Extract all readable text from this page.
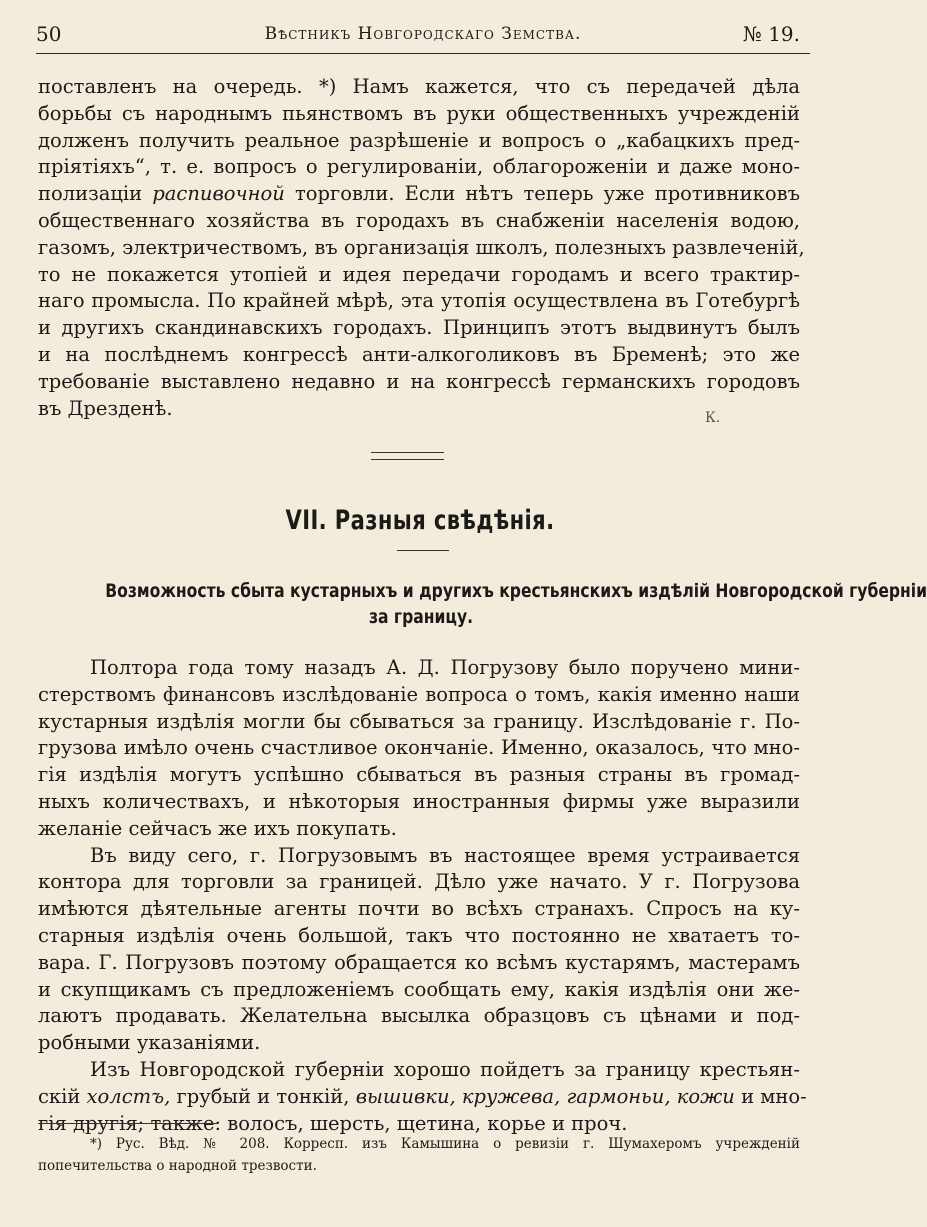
50	Вѣстникъ Новгородскаго Земства.	№ 19.
поставленъ на очередь. *) Намъ кажется, что съ передачей дѣла
борьбы съ народнымъ пьянствомъ въ руки общественныхъ учрежденій
долженъ получить реальное разрѣшеніе и вопросъ о „кабацкихъ пред-
пріятіяхъ“, т. е. вопросъ о регулированіи, облагороженіи и даже моно-
полизаціи распивочной торговли. Если нѣтъ теперь уже противниковъ
общественнаго хозяйства въ городахъ въ снабженіи населенія водою,
газомъ, электричествомъ, въ организація школъ, полезныхъ развлеченій,
то не покажется утопіей и идея передачи городамъ и всего трактир-
наго промысла. По крайней мѣрѣ, эта утопія осуществлена въ Готебургѣ
и другихъ скандинавскихъ городахъ. Принципъ этотъ выдвинутъ былъ
и на послѣднемъ конгрессѣ анти-алкоголиковъ въ Бременѣ; это же
требованіе выставлено недавно и на конгрессѣ германскихъ городовъ
въ Дрезденѣ.	К.
VII. Разныя свѣдѣнія.
Возможность сбыта кустарныхъ и другихъ крестьянскихъ издѣлій Новгородской губерніи
за границу.
Полтора года тому назадъ А. Д. Погрузову было поручено мини-
стерствомъ финансовъ изслѣдованіе вопроса о томъ, какія именно наши
кустарныя издѣлія могли бы сбываться за границу. Изслѣдованіе г. По-
грузова имѣло очень счастливое окончаніе. Именно, оказалось, что мно-
гія издѣлія могутъ успѣшно сбываться въ разныя страны въ громад-
ныхъ количествахъ, и нѣкоторыя иностранныя фирмы уже выразили
желаніе сейчасъ же ихъ покупать.
Въ виду сего, г. Погрузовымъ въ настоящее время устраивается
контора для торговли за границей. Дѣло уже начато. У г. Погрузова
имѣются дѣятельные агенты почти во всѣхъ странахъ. Спросъ на ку-
старныя издѣлія очень большой, такъ что постоянно не хватаетъ то-
вара. Г. Погрузовъ поэтому обращается ко всѣмъ кустарямъ, мастерамъ
и скупщикамъ съ предложеніемъ сообщать ему, какія издѣлія они же-
лаютъ продавать. Желательна высылка образцовъ съ цѣнами и под-
робными указаніями.
Изъ Новгородской губерніи хорошо пойдетъ за границу крестьян-
скій холстъ, грубый и тонкій, вышивки, кружева, гармоньи, кожи и мно-
гія другія; также: волосъ, шерсть, щетина, корье и проч.
*) Рус. Вѣд. № 208. Корресп. изъ Камышина о ревизіи г. Шумахеромъ учрежденій
попечительства о народной трезвости.
